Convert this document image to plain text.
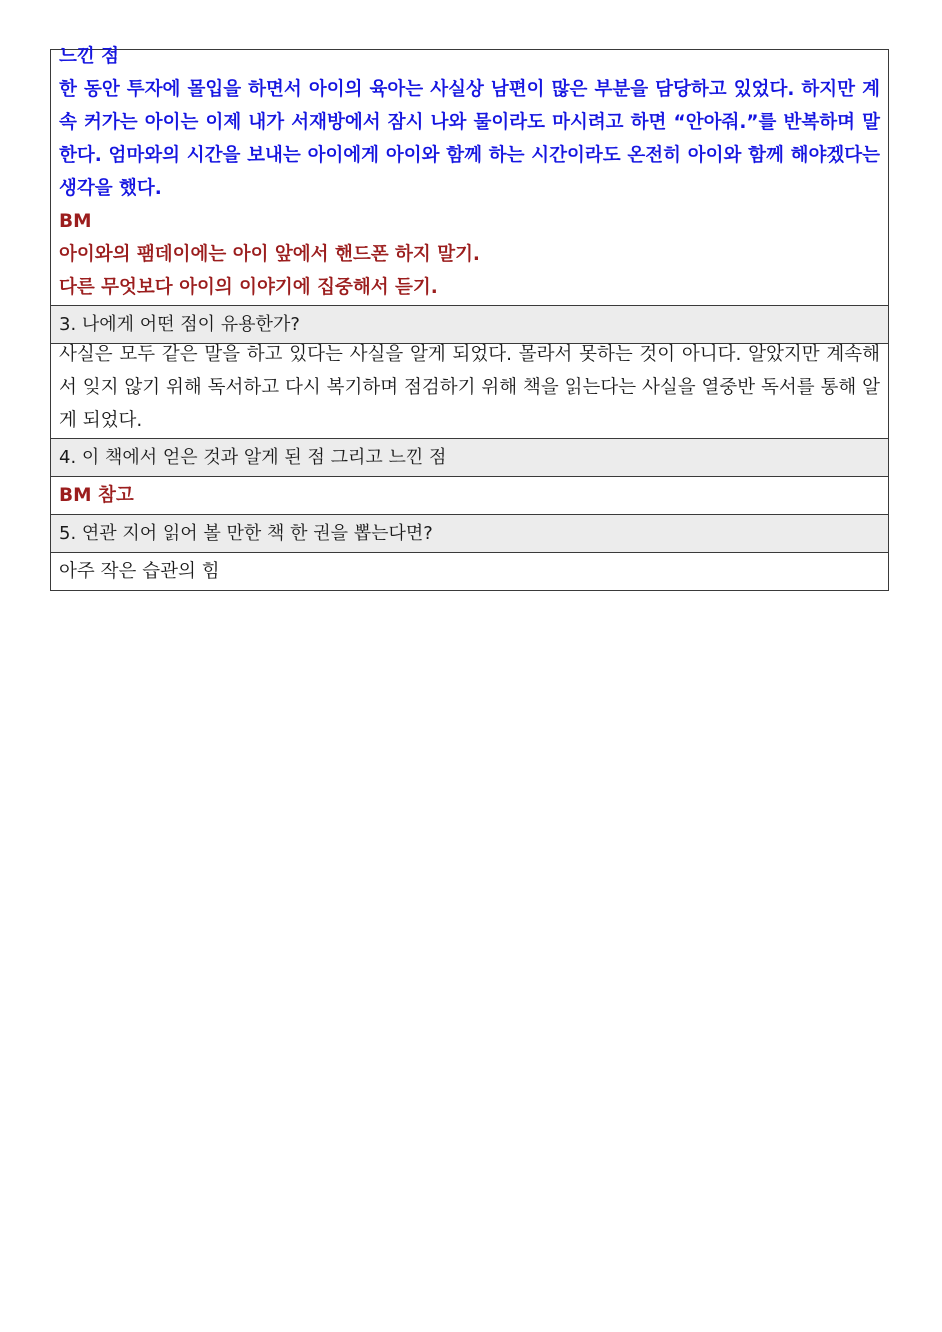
느낀 점

한 동안 투자에 몰입을 하면서 아이의 육아는 사실상 남편이 많은 부분을 담당하고 있었다. 하지만 계속 커가는 아이는 이제 내가 서재방에서 잠시 나와 물이라도 마시려고 하면 “안아줘.”를 반복하며 말한다. 엄마와의 시간을 보내는 아이에게 아이와 함께 하는 시간이라도 온전히 아이와 함께 해야겠다는 생각을 했다.

BM

아이와의 팸데이에는 아이 앞에서 핸드폰 하지 말기.

다른 무엇보다 아이의 이야기에 집중해서 듣기.

3. 나에게 어떤 점이 유용한가?

사실은 모두 같은 말을 하고 있다는 사실을 알게 되었다. 몰라서 못하는 것이 아니다. 알았지만 계속해서 잊지 않기 위해 독서하고 다시 복기하며 점검하기 위해 책을 읽는다는 사실을 열중반 독서를 통해 알게 되었다.

4. 이 책에서 얻은 것과 알게 된 점 그리고 느낀 점
BM 참고
5. 연관 지어 읽어 볼 만한 책 한 권을 뽑는다면?
아주 작은 습관의 힘
